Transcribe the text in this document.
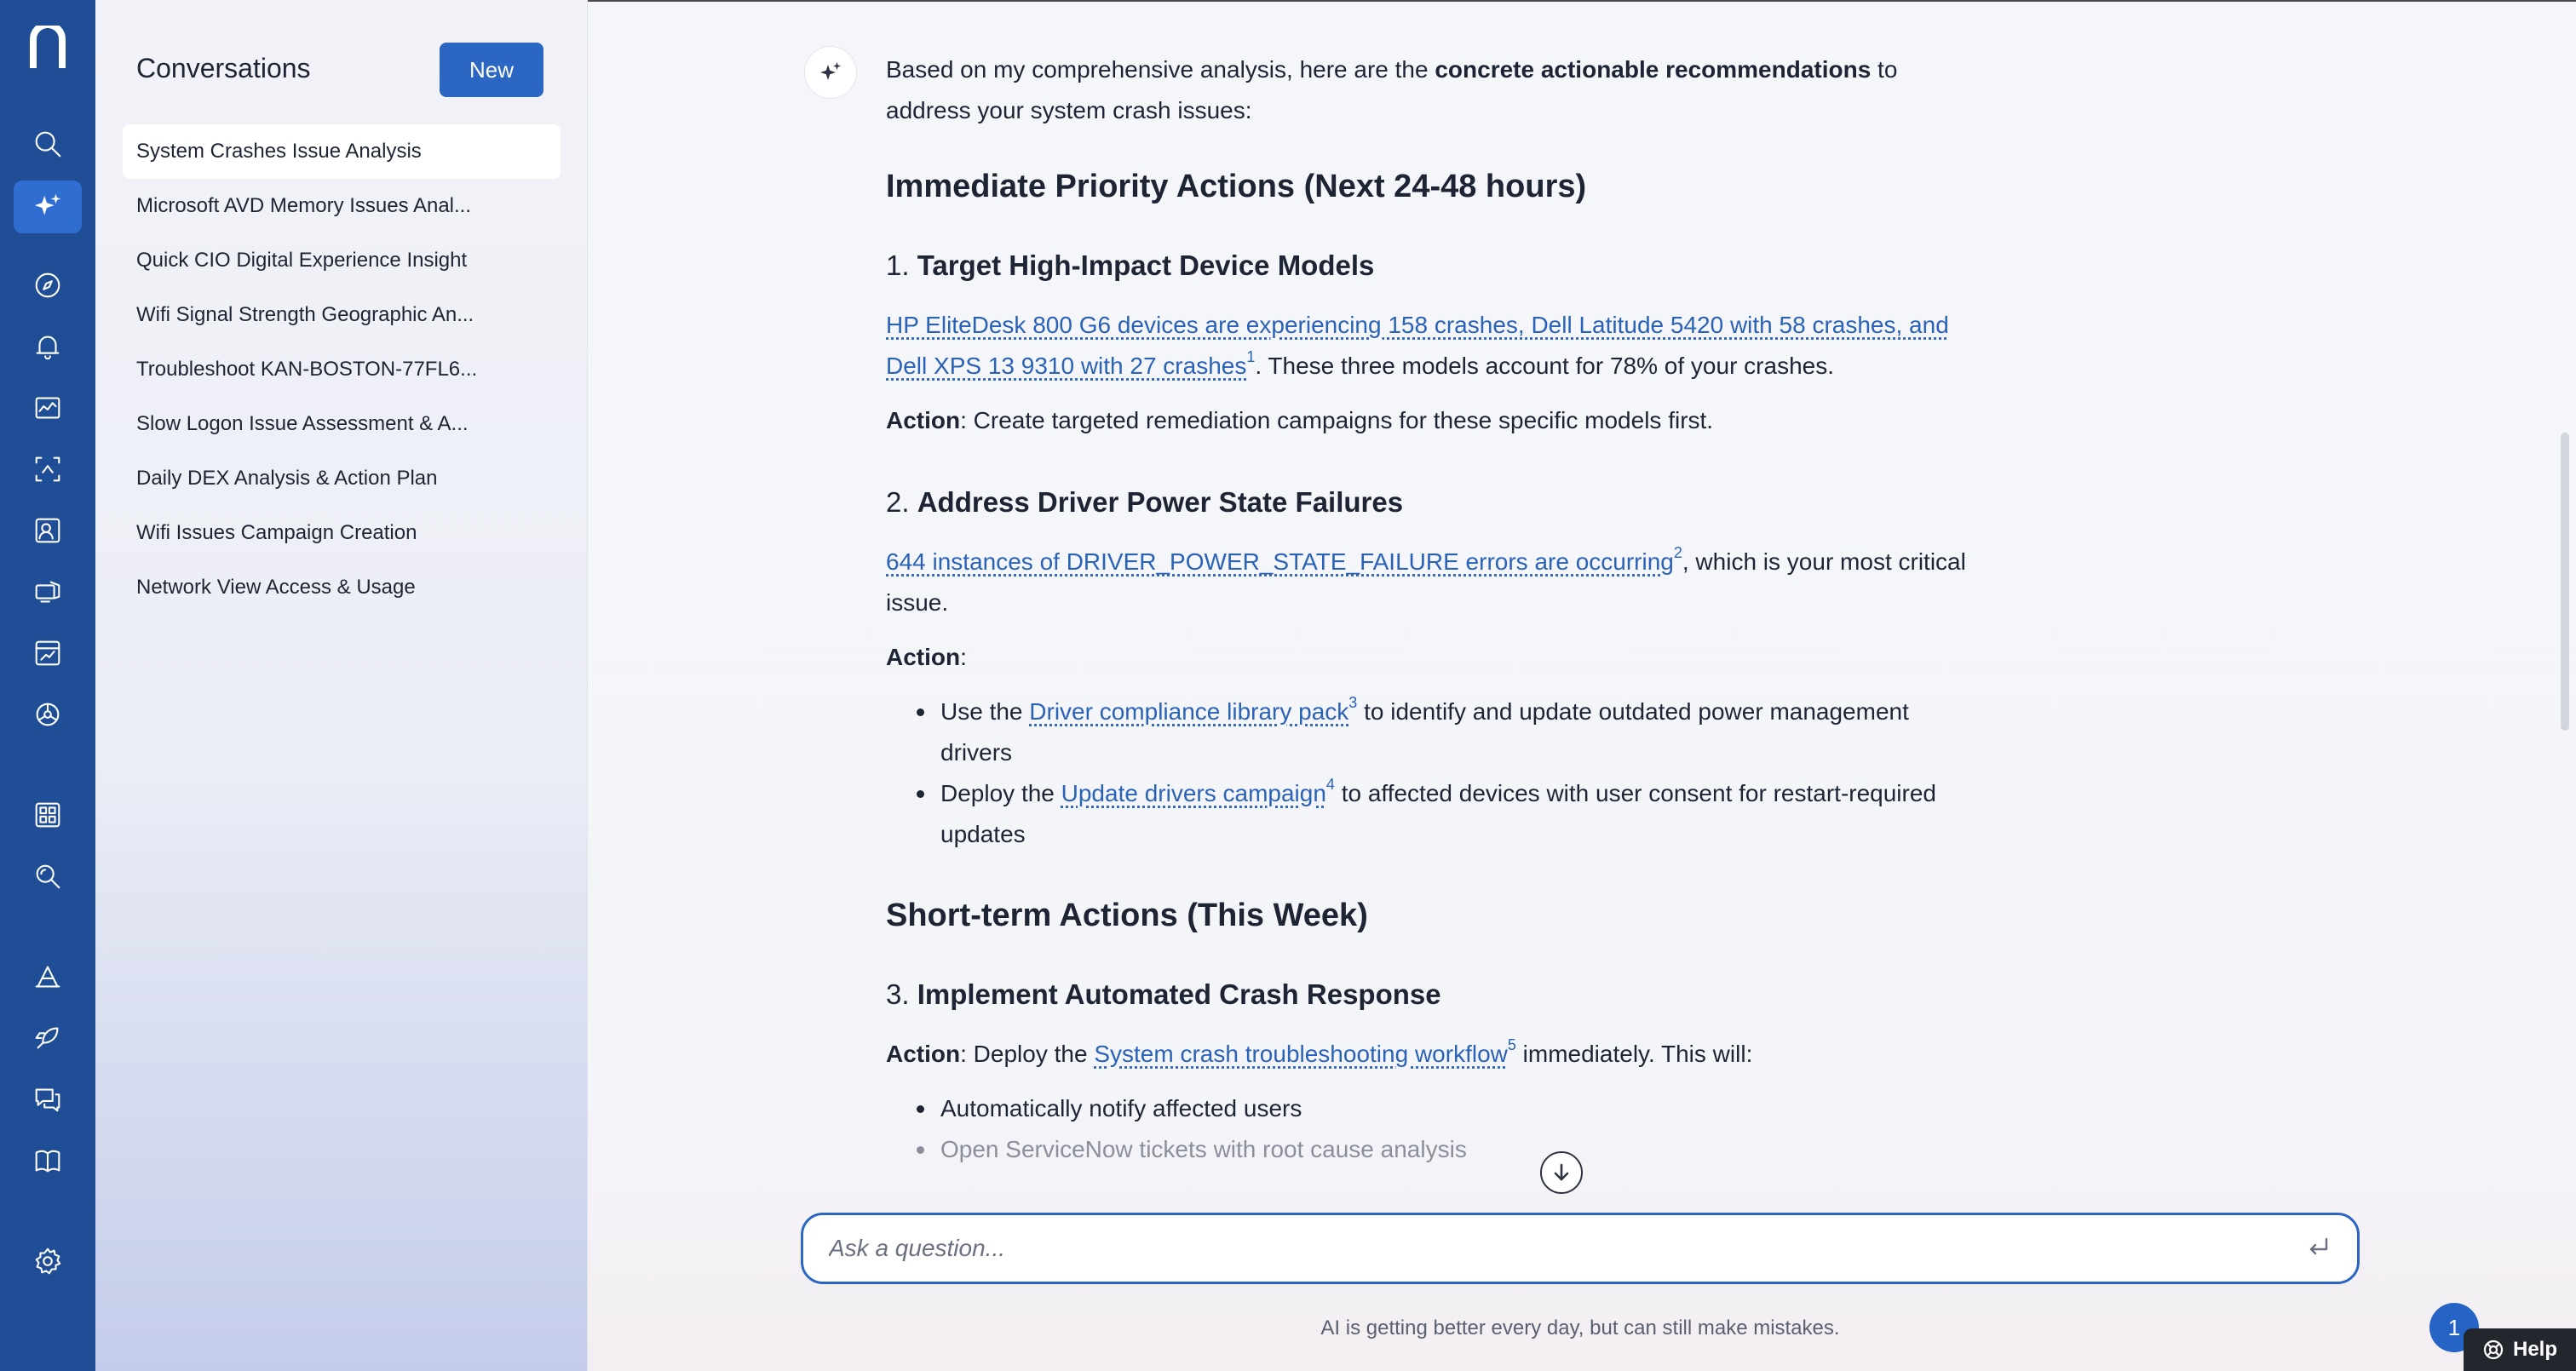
Conversations	New
System Crashes Issue Analysis
Microsoft AVD Memory Issues Anal...
Quick CIO Digital Experience Insight
Wifi Signal Strength Geographic An...
Troubleshoot KAN-BOSTON-77FL6...
Slow Logon Issue Assessment & A...
Daily DEX Analysis & Action Plan
Wifi Issues Campaign Creation
Network View Access & Usage

Based on my comprehensive analysis, here are the concrete actionable recommendations to address your system crash issues:

Immediate Priority Actions (Next 24-48 hours)

1. Target High-Impact Device Models

HP EliteDesk 800 G6 devices are experiencing 158 crashes, Dell Latitude 5420 with 58 crashes, and Dell XPS 13 9310 with 27 crashes$^1$. These three models account for 78% of your crashes.

Action: Create targeted remediation campaigns for these specific models first.

2. Address Driver Power State Failures

644 instances of DRIVER_POWER_STATE_FAILURE errors are occurring$^2$, which is your most critical issue.

Action:

Use the Driver compliance library pack$^3$ to identify and update outdated power management drivers
Deploy the Update drivers campaign$^4$ to affected devices with user consent for restart-required updates

Short-term Actions (This Week)

3. Implement Automated Crash Response

Action: Deploy the System crash troubleshooting workflow$^5$ immediately. This will:

Automatically notify affected users
Open ServiceNow tickets with root cause analysis
Ask a question...
AI is getting better every day, but can still make mistakes.	1
Help
